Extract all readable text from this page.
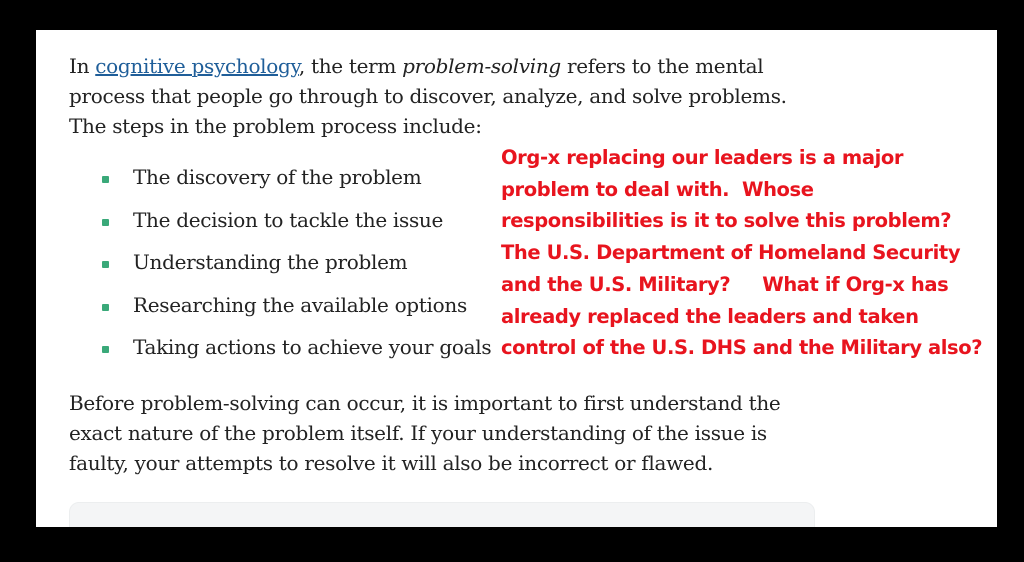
In cognitive psychology, the term problem-solving refers to the mental process that people go through to discover, analyze, and solve problems. The steps in the problem process include:
The discovery of the problem
The decision to tackle the issue
Understanding the problem
Researching the available options
Taking actions to achieve your goals
Org-x replacing our leaders is a major
problem to deal with.  Whose
responsibilities is it to solve this problem?
The U.S. Department of Homeland Security
and the U.S. Military?     What if Org-x has
already replaced the leaders and taken
control of the U.S. DHS and the Military also?
Before problem-solving can occur, it is important to first understand the exact nature of the problem itself. If your understanding of the issue is faulty, your attempts to resolve it will also be incorrect or flawed.
